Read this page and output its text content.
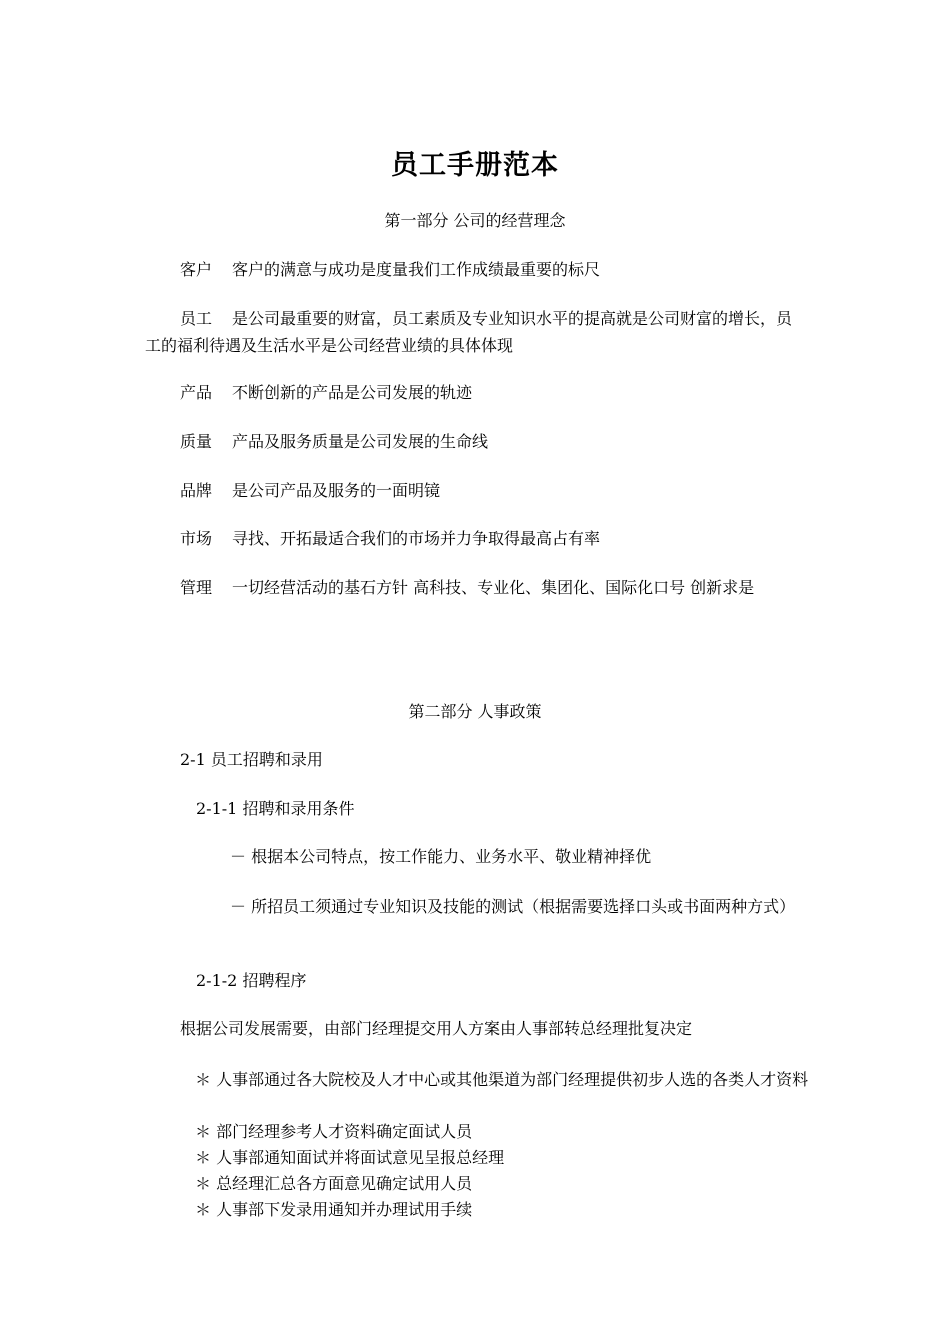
员工手册范本
第一部分 公司的经营理念
客户 客户的满意与成功是度量我们工作成绩最重要的标尺
员工 是公司最重要的财富，员工素质及专业知识水平的提高就是公司财富的增长，员工的福利待遇及生活水平是公司经营业绩的具体体现
产品 不断创新的产品是公司发展的轨迹
质量 产品及服务质量是公司发展的生命线
品牌 是公司产品及服务的一面明镜
市场 寻找、开拓最适合我们的市场并力争取得最高占有率
管理 一切经营活动的基石方针 高科技、专业化、集团化、国际化口号 创新求是
第二部分 人事政策
2-1 员工招聘和录用
2-1-1 招聘和录用条件
－ 根据本公司特点，按工作能力、业务水平、敬业精神择优
－ 所招员工须通过专业知识及技能的测试（根据需要选择口头或书面两种方式）
2-1-2 招聘程序
根据公司发展需要，由部门经理提交用人方案由人事部转总经理批复决定
＊ 人事部通过各大院校及人才中心或其他渠道为部门经理提供初步人选的各类人才资料
＊ 部门经理参考人才资料确定面试人员
＊ 人事部通知面试并将面试意见呈报总经理
＊ 总经理汇总各方面意见确定试用人员
＊ 人事部下发录用通知并办理试用手续
